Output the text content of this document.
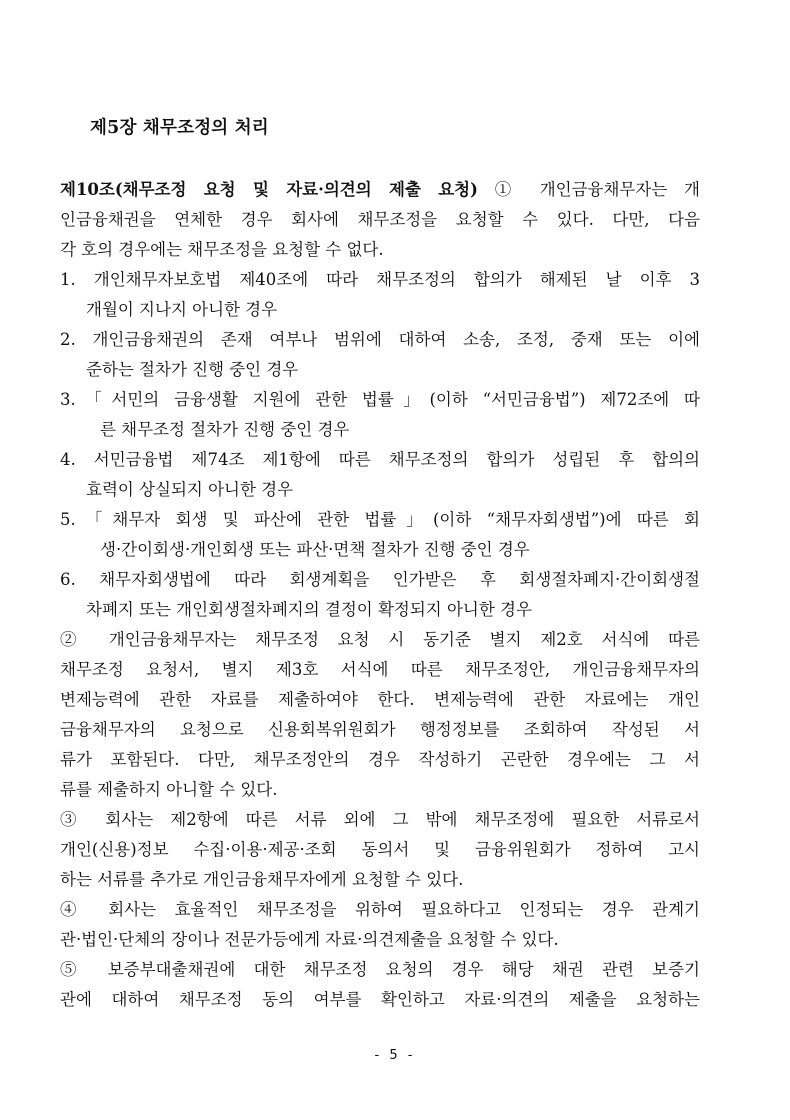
제5장 채무조정의 처리
제10조(채무조정 요청 및 자료·의견의 제출 요청) ① 개인금융채무자는 개
인금융채권을 연체한 경우 회사에 채무조정을 요청할 수 있다. 다만, 다음
각 호의 경우에는 채무조정을 요청할 수 없다.
1. 개인채무자보호법 제40조에 따라 채무조정의 합의가 해제된 날 이후 3
개월이 지나지 아니한 경우
2. 개인금융채권의 존재 여부나 범위에 대하여 소송, 조정, 중재 또는 이에
준하는 절차가 진행 중인 경우
3.「서민의 금융생활 지원에 관한 법률」(이하 “서민금융법”) 제72조에 따
른 채무조정 절차가 진행 중인 경우
4. 서민금융법 제74조 제1항에 따른 채무조정의 합의가 성립된 후 합의의
효력이 상실되지 아니한 경우
5.「채무자 회생 및 파산에 관한 법률」(이하 “채무자회생법”)에 따른 회
생·간이회생·개인회생 또는 파산·면책 절차가 진행 중인 경우
6. 채무자회생법에 따라 회생계획을 인가받은 후 회생절차폐지·간이회생절
차폐지 또는 개인회생절차폐지의 결정이 확정되지 아니한 경우
② 개인금융채무자는 채무조정 요청 시 동기준 별지 제2호 서식에 따른
채무조정 요청서, 별지 제3호 서식에 따른 채무조정안, 개인금융채무자의
변제능력에 관한 자료를 제출하여야 한다. 변제능력에 관한 자료에는 개인
금융채무자의 요청으로 신용회복위원회가 행정정보를 조회하여 작성된 서
류가 포함된다. 다만, 채무조정안의 경우 작성하기 곤란한 경우에는 그 서
류를 제출하지 아니할 수 있다.
③ 회사는 제2항에 따른 서류 외에 그 밖에 채무조정에 필요한 서류로서
개인(신용)정보 수집·이용·제공·조회 동의서 및 금융위원회가 정하여 고시
하는 서류를 추가로 개인금융채무자에게 요청할 수 있다.
④ 회사는 효율적인 채무조정을 위하여 필요하다고 인정되는 경우 관계기
관·법인·단체의 장이나 전문가등에게 자료·의견제출을 요청할 수 있다.
⑤ 보증부대출채권에 대한 채무조정 요청의 경우 해당 채권 관련 보증기
관에 대하여 채무조정 동의 여부를 확인하고 자료·의견의 제출을 요청하는
- 5 -
